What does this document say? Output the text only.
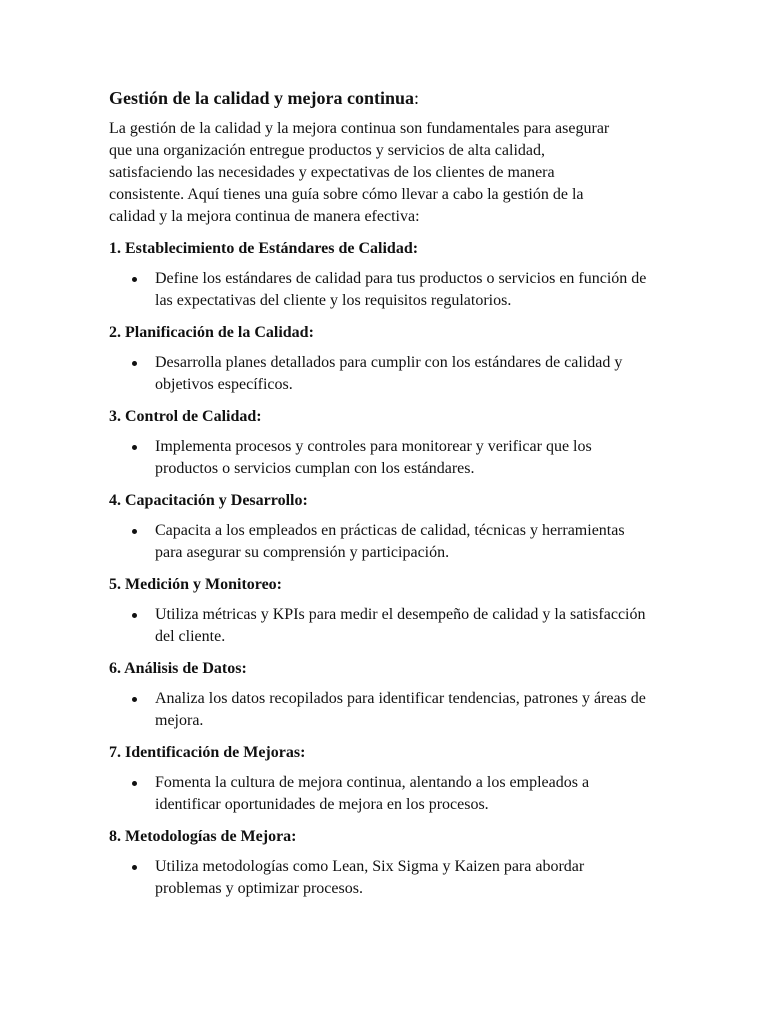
Gestión de la calidad y mejora continua:

La gestión de la calidad y la mejora continua son fundamentales para asegurar que una organización entregue productos y servicios de alta calidad, satisfaciendo las necesidades y expectativas de los clientes de manera consistente. Aquí tienes una guía sobre cómo llevar a cabo la gestión de la calidad y la mejora continua de manera efectiva:

1. Establecimiento de Estándares de Calidad:
Define los estándares de calidad para tus productos o servicios en función de las expectativas del cliente y los requisitos regulatorios.
2. Planificación de la Calidad:
Desarrolla planes detallados para cumplir con los estándares de calidad y objetivos específicos.
3. Control de Calidad:
Implementa procesos y controles para monitorear y verificar que los productos o servicios cumplan con los estándares.
4. Capacitación y Desarrollo:
Capacita a los empleados en prácticas de calidad, técnicas y herramientas para asegurar su comprensión y participación.
5. Medición y Monitoreo:
Utiliza métricas y KPIs para medir el desempeño de calidad y la satisfacción del cliente.
6. Análisis de Datos:
Analiza los datos recopilados para identificar tendencias, patrones y áreas de mejora.
7. Identificación de Mejoras:
Fomenta la cultura de mejora continua, alentando a los empleados a identificar oportunidades de mejora en los procesos.
8. Metodologías de Mejora:
Utiliza metodologías como Lean, Six Sigma y Kaizen para abordar problemas y optimizar procesos.
